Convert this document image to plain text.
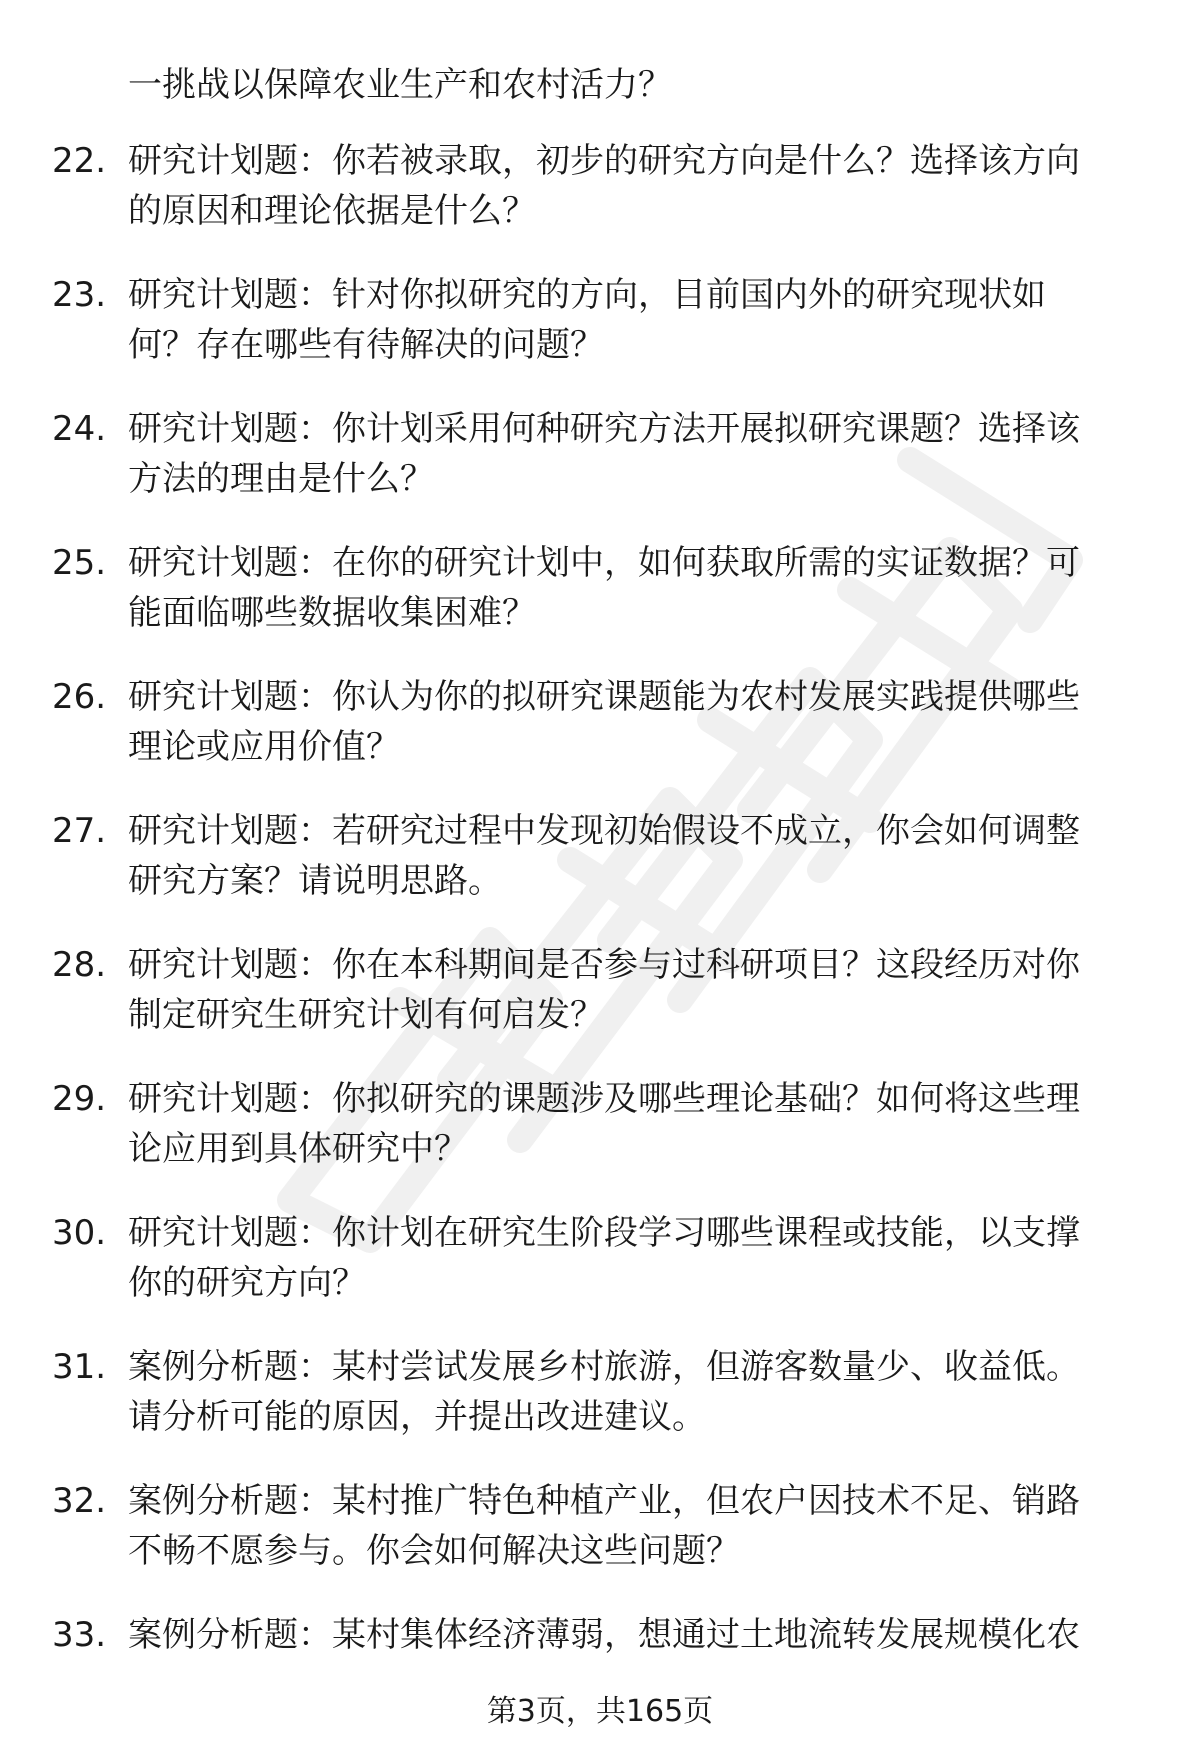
一挑战以保障农业生产和农村活力？
22. 研究计划题：你若被录取，初步的研究方向是什么？选择该方向
的原因和理论依据是什么？
23. 研究计划题：针对你拟研究的方向，目前国内外的研究现状如
何？存在哪些有待解决的问题？
24. 研究计划题：你计划采用何种研究方法开展拟研究课题？选择该
方法的理由是什么？
25. 研究计划题：在你的研究计划中，如何获取所需的实证数据？可
能面临哪些数据收集困难？
26. 研究计划题：你认为你的拟研究课题能为农村发展实践提供哪些
理论或应用价值？
27. 研究计划题：若研究过程中发现初始假设不成立，你会如何调整
研究方案？请说明思路。
28. 研究计划题：你在本科期间是否参与过科研项目？这段经历对你
制定研究生研究计划有何启发？
29. 研究计划题：你拟研究的课题涉及哪些理论基础？如何将这些理
论应用到具体研究中？
30. 研究计划题：你计划在研究生阶段学习哪些课程或技能，以支撑
你的研究方向？
31. 案例分析题：某村尝试发展乡村旅游，但游客数量少、收益低。
请分析可能的原因，并提出改进建议。
32. 案例分析题：某村推广特色种植产业，但农户因技术不足、销路
不畅不愿参与。你会如何解决这些问题？
33. 案例分析题：某村集体经济薄弱，想通过土地流转发展规模化农
第3页，共165页
